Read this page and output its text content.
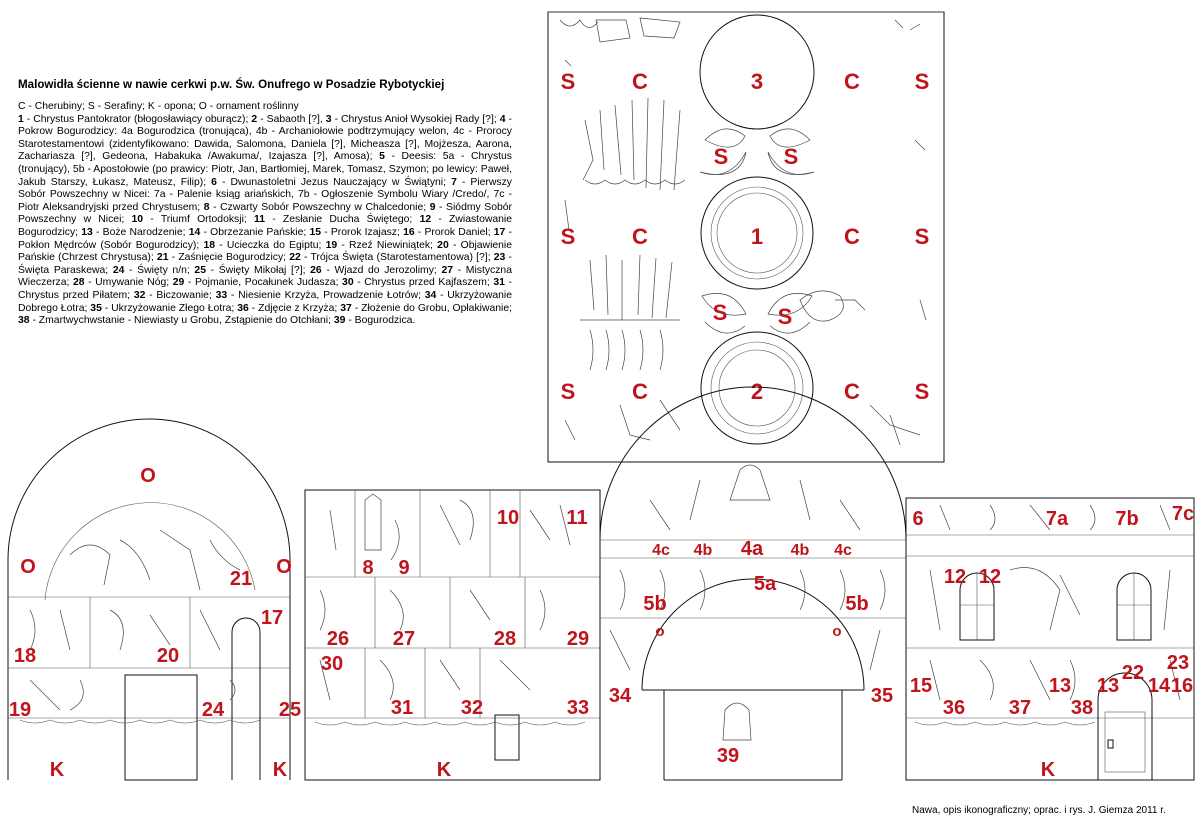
Malowidła ścienne w nawie cerkwi p.w. Św. Onufrego w Posadzie Rybotyckiej
C - Cherubiny; S - Serafiny; K - opona; O - ornament roślinny
1 - Chrystus Pantokrator (błogosławiący oburącz); 2 - Sabaoth [?], 3 - Chrystus Anioł Wysokiej Rady [?]; 4 - Pokrow Bogurodzicy: 4a Bogurodzica (tronująca), 4b - Archaniołowie podtrzymujący welon, 4c - Prorocy Starotestamentowi (zidentyfikowano: Dawida, Salomona, Daniela [?], Micheasza [?], Mojżesza, Aarona, Zachariasza [?], Gedeona, Habakuka /Awakuma/, Izajasza [?], Amosa); 5 - Deesis: 5a - Chrystus (tronujący), 5b - Apostołowie (po prawicy: Piotr, Jan, Bartłomiej, Marek, Tomasz, Szymon; po lewicy: Paweł, Jakub Starszy, Łukasz, Mateusz, Filip); 6 - Dwunastoletni Jezus Nauczający w Świątyni; 7 - Pierwszy Sobór Powszechny w Nicei: 7a - Palenie ksiąg ariańskich, 7b - Ogłoszenie Symbolu Wiary /Credo/, 7c - Piotr Aleksandryjski przed Chrystusem; 8 - Czwarty Sobór Powszechny w Chalcedonie; 9 - Siódmy Sobór Powszechny w Nicei; 10 - Triumf Ortodoksji; 11 - Zesłanie Ducha Świętego; 12 - Zwiastowanie Bogurodzicy; 13 - Boże Narodzenie; 14 - Obrzezanie Pańskie; 15 - Prorok Izajasz; 16 - Prorok Daniel; 17 - Pokłon Mędrców (Sobór Bogurodzicy); 18 - Ucieczka do Egiptu; 19 - Rzeź Niewiniątek; 20 - Objawienie Pańskie (Chrzest Chrystusa); 21 - Zaśnięcie Bogurodzicy; 22 - Trójca Święta (Starotestamentowa) [?]; 23 - Święta Paraskewa; 24 - Święty n/n; 25 - Święty Mikołaj [?]; 26 - Wjazd do Jerozolimy; 27 - Mistyczna Wieczerza; 28 - Umywanie Nóg; 29 - Pojmanie, Pocałunek Judasza; 30 - Chrystus przed Kajfaszem; 31 - Chrystus przed Piłatem; 32 - Biczowanie; 33 - Niesienie Krzyża, Prowadzenie Łotrów; 34 - Ukrzyżowanie Dobrego Łotra; 35 - Ukrzyżowanie Złego Łotra; 36 - Zdjęcie z Krzyża; 37 - Złożenie do Grobu, Opłakiwanie; 38 - Zmartwychwstanie - Niewiasty u Grobu, Zstąpienie do Otchłani; 39 - Bogurodzica.
Nawa, opis ikonograficzny; oprac. i rys. J. Giemza 2011 r.
S	C	3	C S
S	C	1	C S
S	C	2	C S
S	S
S S
O
O	O
K	K	K	K
21
17
18	20
19	24	25
10 11
8 9
26 27	28	29
30
31 32	33
4c 4b 4a 4b 4c
5a
5b	5b
o	o
34	35
39
6	7a 7b 7c
12 12
15	13 13 14 16
22 23
36 37 38
